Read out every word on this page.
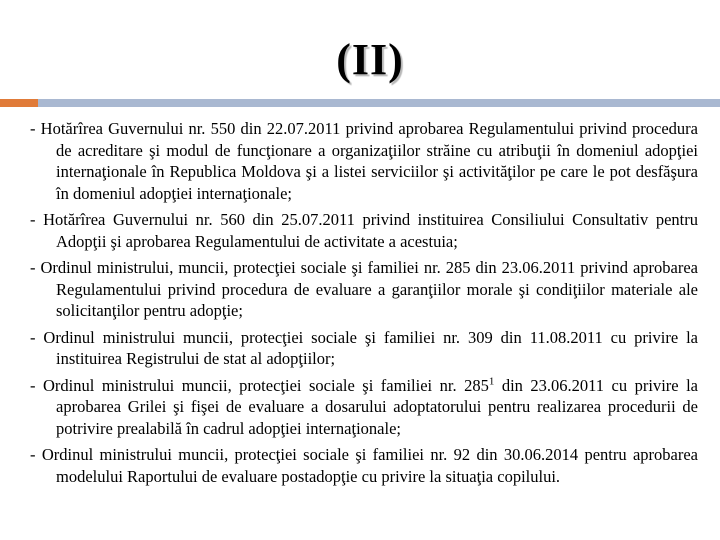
(II)

- Hotărîrea Guvernului nr. 550 din 22.07.2011 privind aprobarea Regulamentului privind procedura de acreditare şi modul de funcţionare a organizaţiilor străine cu atribuţii în domeniul adopţiei internaţionale în Republica Moldova şi a listei serviciilor şi activităţilor pe care le pot desfăşura în domeniul adopţiei internaţionale;

- Hotărîrea Guvernului nr. 560 din 25.07.2011 privind instituirea Consiliului Consultativ pentru Adopţii şi aprobarea Regulamentului de activitate a acestuia;

- Ordinul ministrului, muncii, protecţiei sociale şi familiei nr. 285 din 23.06.2011 privind aprobarea Regulamentului privind procedura de evaluare a garanţiilor morale şi condiţiilor materiale ale solicitanţilor pentru adopţie;

- Ordinul ministrului muncii, protecţiei sociale şi familiei nr. 309 din 11.08.2011 cu privire la instituirea Registrului de stat al adopţiilor;

- Ordinul ministrului muncii, protecţiei sociale şi familiei nr. $285^1$ din 23.06.2011 cu privire la aprobarea Grilei şi fişei de evaluare a dosarului adoptatorului pentru realizarea procedurii de potrivire prealabilă în cadrul adopţiei internaţionale;

- Ordinul ministrului muncii, protecţiei sociale şi familiei nr. 92 din 30.06.2014 pentru aprobarea modelului Raportului de evaluare postadopţie cu privire la situaţia copilului.
